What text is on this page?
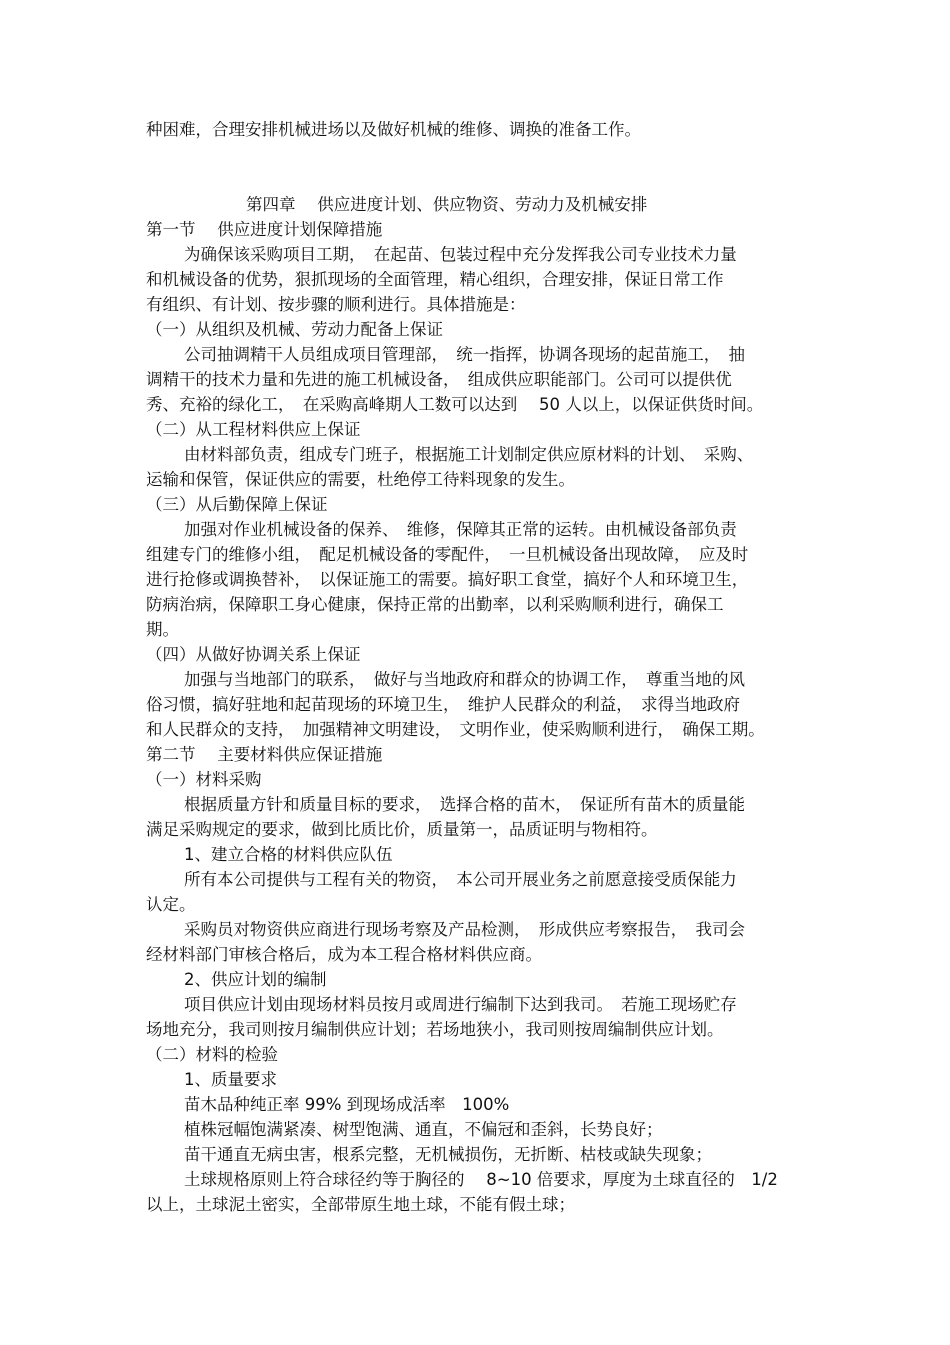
种困难，合理安排机械进场以及做好机械的维修、调换的准备工作。
第四章　 供应进度计划、供应物资、劳动力及机械安排
第一节　 供应进度计划保障措施
为确保该采购项目工期，　在起苗、包装过程中充分发挥我公司专业技术力量
和机械设备的优势，狠抓现场的全面管理，精心组织，合理安排，保证日常工作
有组织、有计划、按步骤的顺利进行。具体措施是：
（一）从组织及机械、劳动力配备上保证
公司抽调精干人员组成项目管理部，　统一指挥，协调各现场的起苗施工，　抽
调精干的技术力量和先进的施工机械设备，　组成供应职能部门。公司可以提供优
秀、充裕的绿化工，　在采购高峰期人工数可以达到　 50 人以上，以保证供货时间。
（二）从工程材料供应上保证
由材料部负责，组成专门班子，根据施工计划制定供应原材料的计划、　采购、
运输和保管，保证供应的需要，杜绝停工待料现象的发生。
（三）从后勤保障上保证
加强对作业机械设备的保养、　维修，保障其正常的运转。由机械设备部负责
组建专门的维修小组，　配足机械设备的零配件，　一旦机械设备出现故障，　应及时
进行抢修或调换替补，　以保证施工的需要。搞好职工食堂，搞好个人和环境卫生，
防病治病，保障职工身心健康，保持正常的出勤率，以利采购顺利进行，确保工
期。
（四）从做好协调关系上保证
加强与当地部门的联系，　做好与当地政府和群众的协调工作，　尊重当地的风
俗习惯，搞好驻地和起苗现场的环境卫生，　维护人民群众的利益，　求得当地政府
和人民群众的支持，　加强精神文明建设，　文明作业，使采购顺利进行，　确保工期。
第二节　 主要材料供应保证措施
（一）材料采购
根据质量方针和质量目标的要求，　选择合格的苗木，　保证所有苗木的质量能
满足采购规定的要求，做到比质比价，质量第一，品质证明与物相符。
1、建立合格的材料供应队伍
所有本公司提供与工程有关的物资，　本公司开展业务之前愿意接受质保能力
认定。
采购员对物资供应商进行现场考察及产品检测，　形成供应考察报告，　我司会
经材料部门审核合格后，成为本工程合格材料供应商。
2、供应计划的编制
项目供应计划由现场材料员按月或周进行编制下达到我司。　若施工现场贮存
场地充分，我司则按月编制供应计划；若场地狭小，我司则按周编制供应计划。
（二）材料的检验
1、质量要求
苗木品种纯正率 99% 到现场成活率　100%
植株冠幅饱满紧凑、树型饱满、通直，不偏冠和歪斜，长势良好；
苗干通直无病虫害，根系完整，无机械损伤，无折断、枯枝或缺失现象；
土球规格原则上符合球径约等于胸径的　 8~10 倍要求，厚度为土球直径的　1/2
以上，土球泥土密实，全部带原生地土球，不能有假土球；
